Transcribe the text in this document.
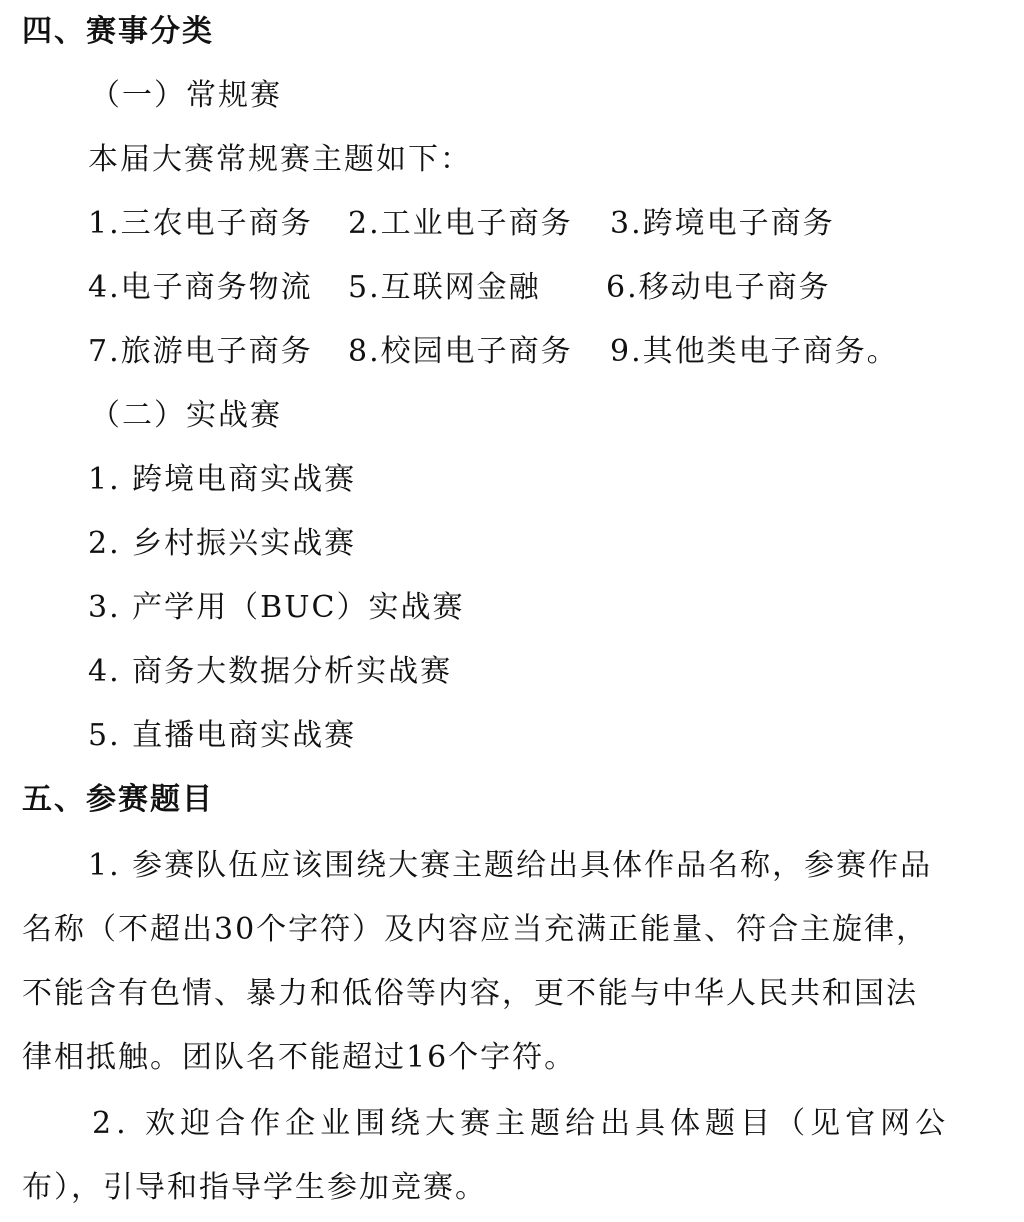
四、赛事分类
（一）常规赛
本届大赛常规赛主题如下：
1.三农电子商务 2.工业电子商务 3.跨境电子商务
4.电子商务物流 5.互联网金融 6.移动电子商务
7.旅游电子商务 8.校园电子商务 9.其他类电子商务。
（二）实战赛
1. 跨境电商实战赛
2. 乡村振兴实战赛
3. 产学用（BUC）实战赛
4. 商务大数据分析实战赛
5. 直播电商实战赛
五、参赛题目
1. 参赛队伍应该围绕大赛主题给出具体作品名称，参赛作品
名称（不超出30个字符）及内容应当充满正能量、符合主旋律，
不能含有色情、暴力和低俗等内容，更不能与中华人民共和国法
律相抵触。团队名不能超过16个字符。
2. 欢迎合作企业围绕大赛主题给出具体题目（见官网公
布），引导和指导学生参加竞赛。
